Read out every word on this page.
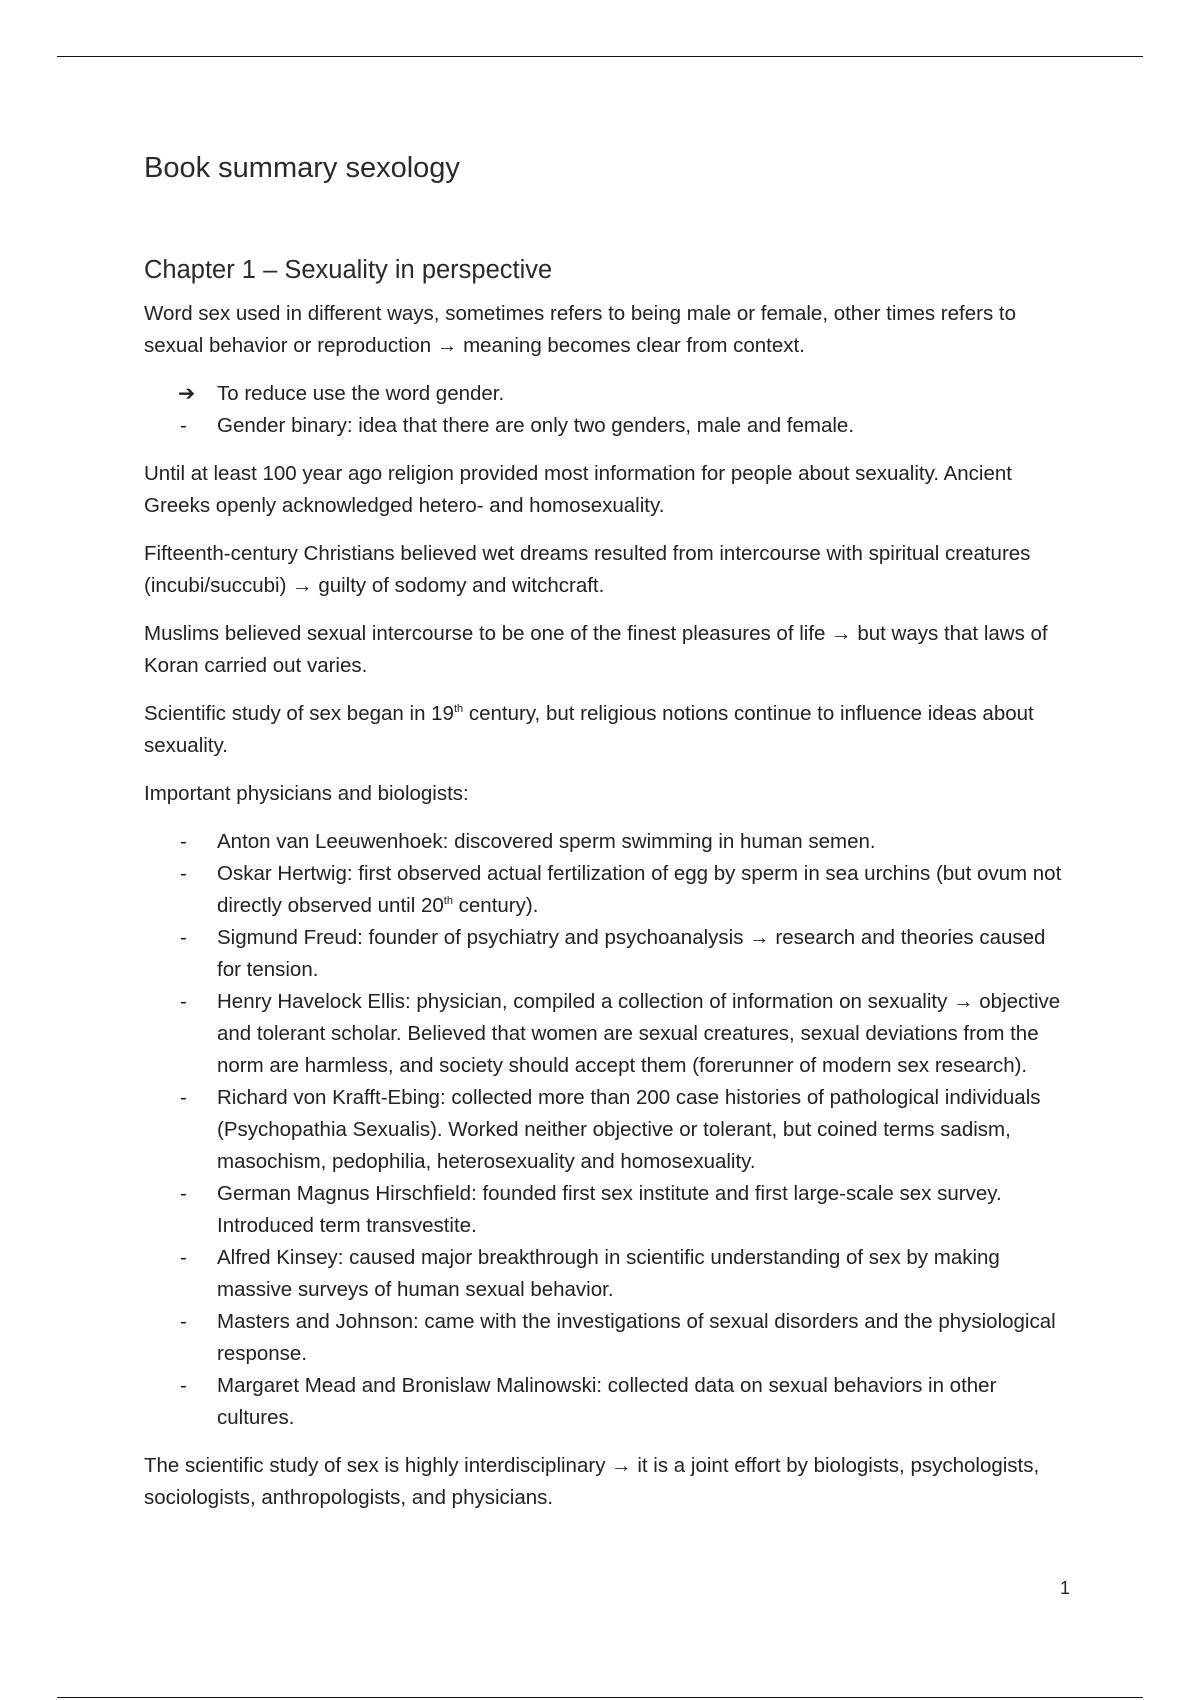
Book summary sexology
Chapter 1 – Sexuality in perspective

Word sex used in different ways, sometimes refers to being male or female, other times refers to sexual behavior or reproduction → meaning becomes clear from context.

➔ To reduce use the word gender.
- Gender binary: idea that there are only two genders, male and female.

Until at least 100 year ago religion provided most information for people about sexuality. Ancient Greeks openly acknowledged hetero- and homosexuality.

Fifteenth-century Christians believed wet dreams resulted from intercourse with spiritual creatures (incubi/succubi) → guilty of sodomy and witchcraft.

Muslims believed sexual intercourse to be one of the finest pleasures of life → but ways that laws of Koran carried out varies.

Scientific study of sex began in 19th century, but religious notions continue to influence ideas about sexuality.

Important physicians and biologists:

- Anton van Leeuwenhoek: discovered sperm swimming in human semen.
- Oskar Hertwig: first observed actual fertilization of egg by sperm in sea urchins (but ovum not directly observed until 20th century).
- Sigmund Freud: founder of psychiatry and psychoanalysis → research and theories caused for tension.
- Henry Havelock Ellis: physician, compiled a collection of information on sexuality → objective and tolerant scholar. Believed that women are sexual creatures, sexual deviations from the norm are harmless, and society should accept them (forerunner of modern sex research).
- Richard von Krafft-Ebing: collected more than 200 case histories of pathological individuals (Psychopathia Sexualis). Worked neither objective or tolerant, but coined terms sadism, masochism, pedophilia, heterosexuality and homosexuality.
- German Magnus Hirschfield: founded first sex institute and first large-scale sex survey. Introduced term transvestite.
- Alfred Kinsey: caused major breakthrough in scientific understanding of sex by making massive surveys of human sexual behavior.
- Masters and Johnson: came with the investigations of sexual disorders and the physiological response.
- Margaret Mead and Bronislaw Malinowski: collected data on sexual behaviors in other cultures.

The scientific study of sex is highly interdisciplinary → it is a joint effort by biologists, psychologists, sociologists, anthropologists, and physicians.

1
